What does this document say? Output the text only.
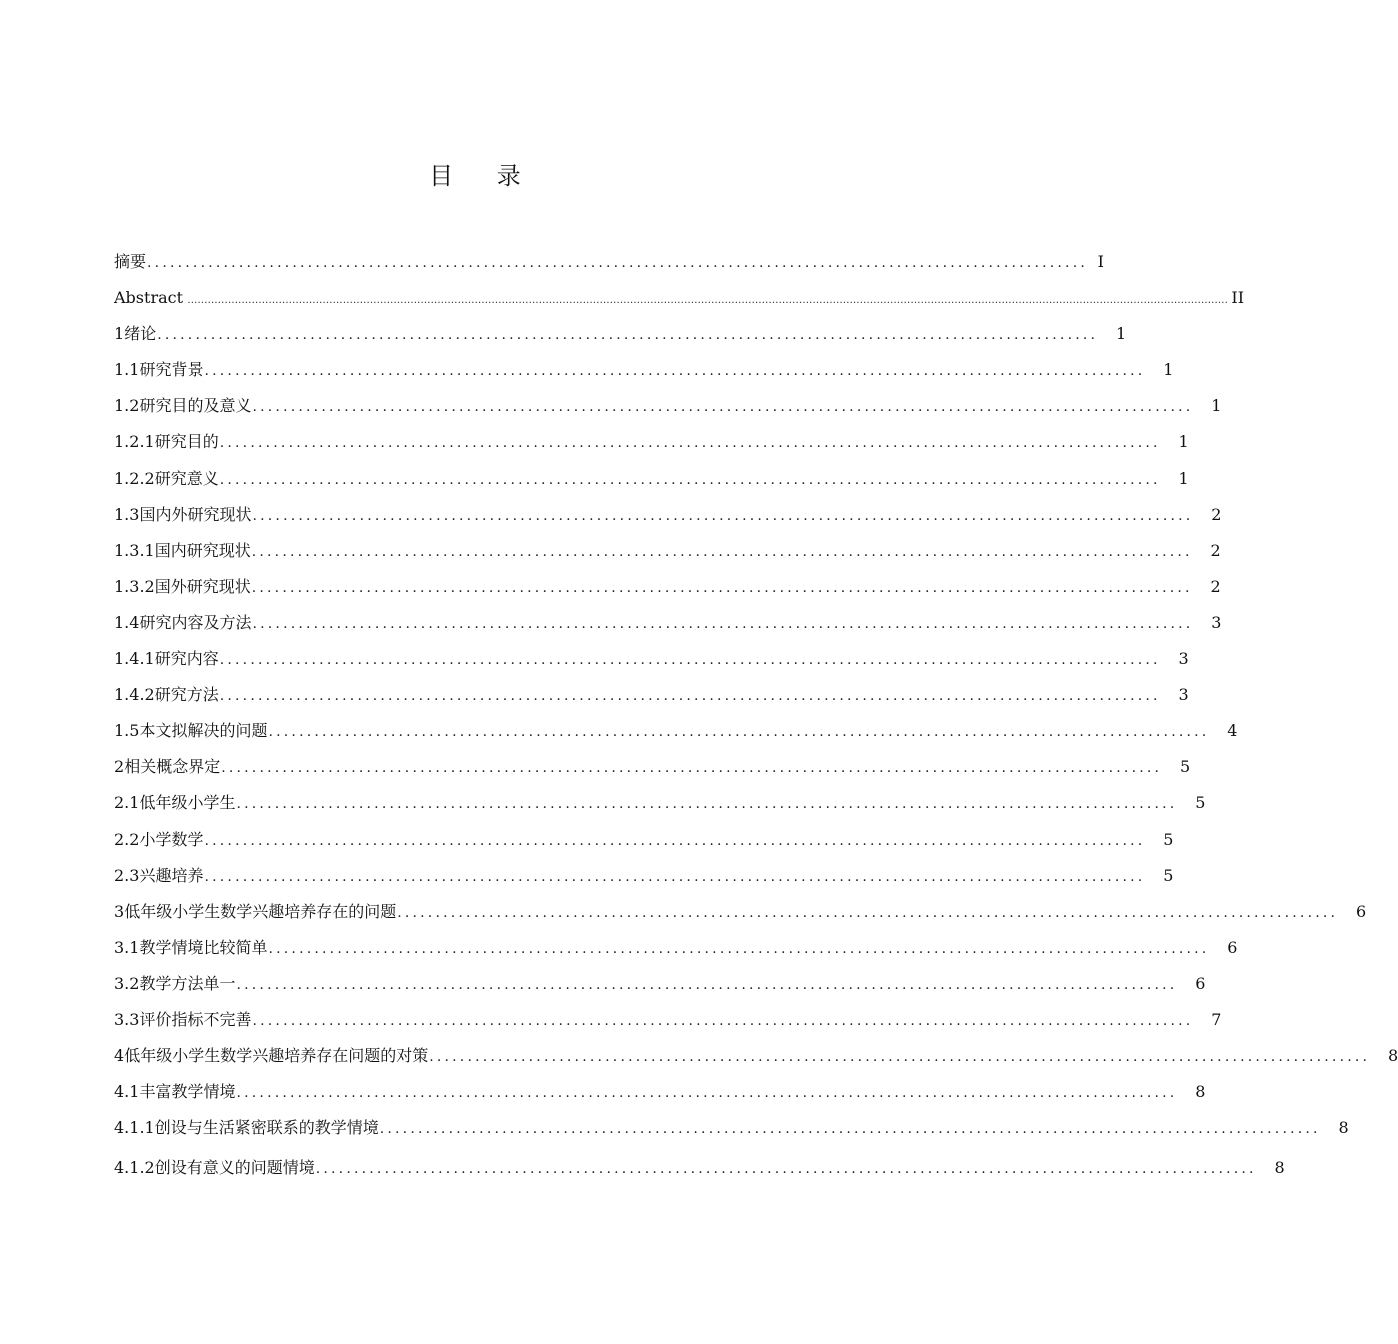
目 录
摘要 ........................................................................................................................... I
Abstract .................................................................................................................................................................................................................................................................................................................... II
1 绪论 ...........................................................................................................................	1
1.1 研究背景 ...........................................................................................................................	1
1.2 研究目的及意义 ...........................................................................................................................	1
1.2.1 研究目的 ...........................................................................................................................	1
1.2.2 研究意义 ...........................................................................................................................	1
1.3 国内外研究现状 ...........................................................................................................................	2
1.3.1 国内研究现状 ...........................................................................................................................	2
1.3.2 国外研究现状 ...........................................................................................................................	2
1.4 研究内容及方法 ...........................................................................................................................	3
1.4.1 研究内容 ...........................................................................................................................	3
1.4.2 研究方法 ...........................................................................................................................	3
1.5 本文拟解决的问题 ...........................................................................................................................	4
2 相关概念界定 ...........................................................................................................................	5
2.1 低年级小学生 ...........................................................................................................................	5
2.2 小学数学 ...........................................................................................................................	5
2.3 兴趣培养 ...........................................................................................................................	5
3 低年级小学生数学兴趣培养存在的问题 ...........................................................................................................................	6
3.1 教学情境比较简单 ...........................................................................................................................	6
3.2 教学方法单一 ...........................................................................................................................	6
3.3 评价指标不完善 ...........................................................................................................................	7
4 低年级小学生数学兴趣培养存在问题的对策 ...........................................................................................................................	8
4.1 丰富教学情境 ...........................................................................................................................	8
4.1.1 创设与生活紧密联系的教学情境 ...........................................................................................................................	8
4.1.2 创设有意义的问题情境 ...........................................................................................................................	8
